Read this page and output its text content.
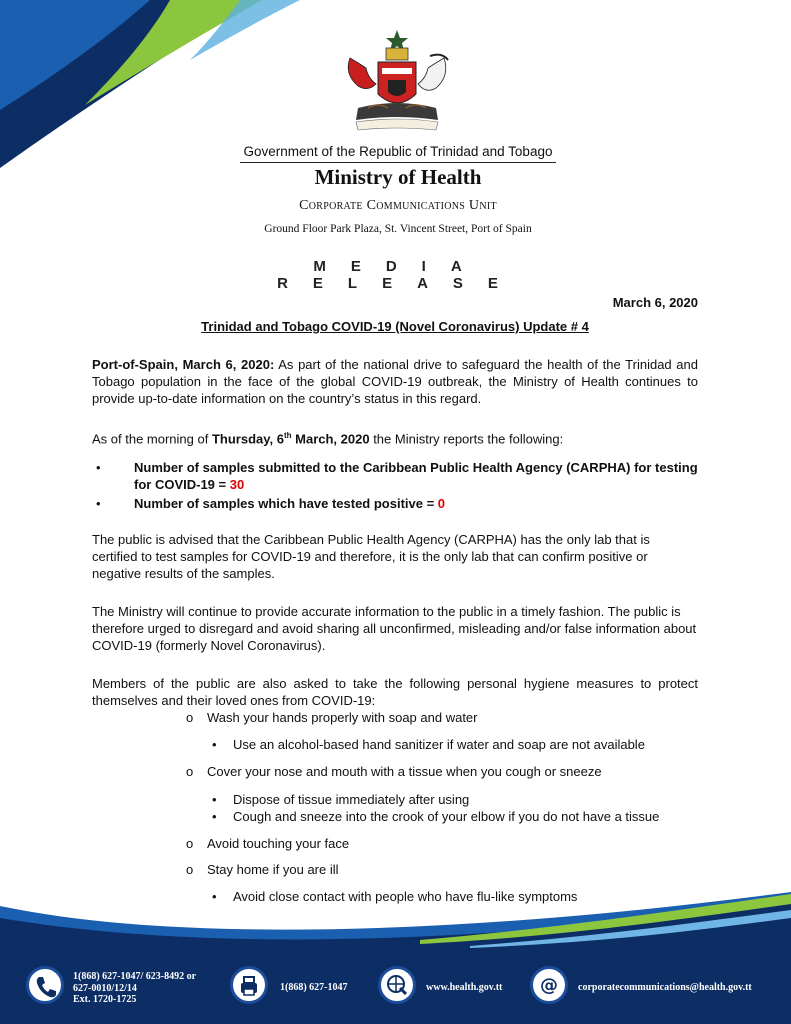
Government of the Republic of Trinidad and Tobago
Ministry of Health
Corporate Communications Unit
Ground Floor Park Plaza, St. Vincent Street, Port of Spain
MEDIA RELEASE
March 6, 2020
Trinidad and Tobago COVID-19 (Novel Coronavirus) Update # 4
Port-of-Spain, March 6, 2020: As part of the national drive to safeguard the health of the Trinidad and Tobago population in the face of the global COVID-19 outbreak, the Ministry of Health continues to provide up-to-date information on the country’s status in this regard.
As of the morning of Thursday, 6th March, 2020 the Ministry reports the following:
•	Number of samples submitted to the Caribbean Public Health Agency (CARPHA) for testing for COVID-19 = 30
•	Number of samples which have tested positive = 0
The public is advised that the Caribbean Public Health Agency (CARPHA) has the only lab that is certified to test samples for COVID-19 and therefore, it is the only lab that can confirm positive or negative results of the samples.
The Ministry will continue to provide accurate information to the public in a timely fashion. The public is therefore urged to disregard and avoid sharing all unconfirmed, misleading and/or false information about COVID-19 (formerly Novel Coronavirus).
Members of the public are also asked to take the following personal hygiene measures to protect themselves and their loved ones from COVID-19:
o Wash your hands properly with soap and water
• Use an alcohol-based hand sanitizer if water and soap are not available
o Cover your nose and mouth with a tissue when you cough or sneeze
• Dispose of tissue immediately after using
• Cough and sneeze into the crook of your elbow if you do not have a tissue
o Avoid touching your face
o Stay home if you are ill
• Avoid close contact with people who have flu-like symptoms
1(868) 627-1047/ 623-8492 or
627-0010/12/14
Ext. 1720-1725
1(868) 627-1047	www.health.gov.tt @ corporatecommunications@health.gov.tt
